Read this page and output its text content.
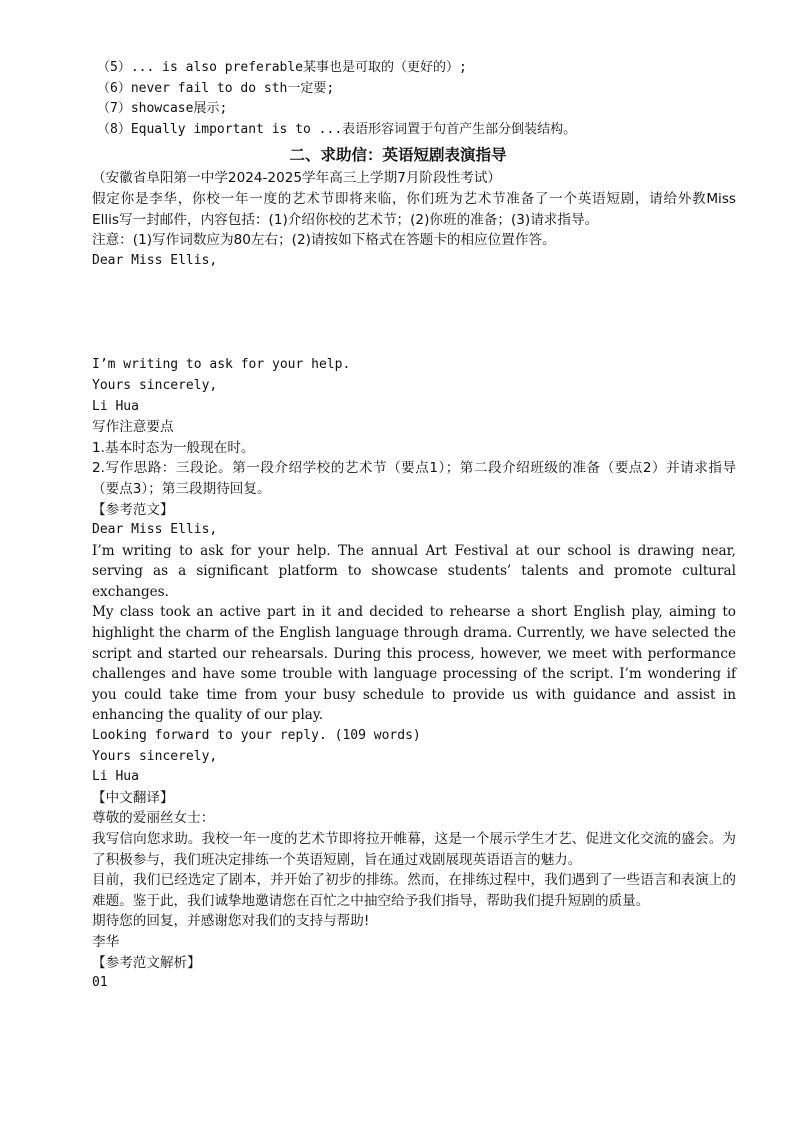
（5）... is also preferable某事也是可取的（更好的）;
（6）never fail to do sth一定要;
（7）showcase展示;
（8）Equally important is to ...表语形容词置于句首产生部分倒装结构。
二、求助信：英语短剧表演指导
（安徽省阜阳第一中学2024-2025学年高三上学期7月阶段性考试）
假定你是李华，你校一年一度的艺术节即将来临，你们班为艺术节准备了一个英语短剧，请给外教Miss Ellis写一封邮件，内容包括：(1)介绍你校的艺术节；(2)你班的准备；(3)请求指导。
注意：(1)写作词数应为80左右；(2)请按如下格式在答题卡的相应位置作答。
Dear Miss Ellis,
I’m writing to ask for your help.
Yours sincerely,
Li Hua
写作注意要点
1.基本时态为一般现在时。
2.写作思路：三段论。第一段介绍学校的艺术节（要点1）；第二段介绍班级的准备（要点2）并请求指导（要点3）；第三段期待回复。
【参考范文】
Dear Miss Ellis,
I’m writing to ask for your help. The annual Art Festival at our school is drawing near, serving as a significant platform to showcase students’ talents and promote cultural exchanges.
My class took an active part in it and decided to rehearse a short English play, aiming to highlight the charm of the English language through drama. Currently, we have selected the script and started our rehearsals. During this process, however, we meet with performance challenges and have some trouble with language processing of the script. I’m wondering if you could take time from your busy schedule to provide us with guidance and assist in enhancing the quality of our play.
Looking forward to your reply. (109 words)
Yours sincerely,
Li Hua
【中文翻译】
尊敬的爱丽丝女士：
我写信向您求助。我校一年一度的艺术节即将拉开帷幕，这是一个展示学生才艺、促进文化交流的盛会。为了积极参与，我们班决定排练一个英语短剧，旨在通过戏剧展现英语语言的魅力。
目前，我们已经选定了剧本，并开始了初步的排练。然而，在排练过程中，我们遇到了一些语言和表演上的难题。鉴于此，我们诚挚地邀请您在百忙之中抽空给予我们指导，帮助我们提升短剧的质量。
期待您的回复，并感谢您对我们的支持与帮助!
李华
【参考范文解析】
01
